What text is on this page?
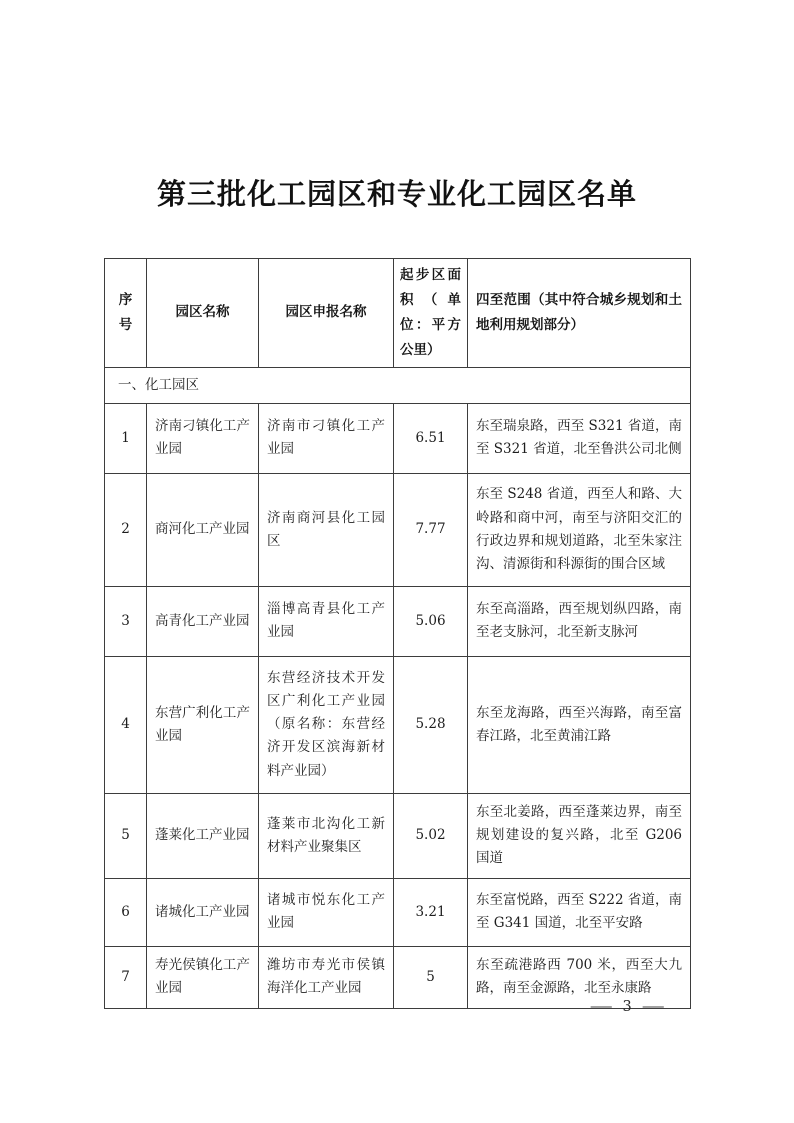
第三批化工园区和专业化工园区名单
序号	园区名称	园区申报名称	起步区面积（单位：平方公里）	四至范围（其中符合城乡规划和土地利用规划部分）
一、化工园区				
1	济南刁镇化工产业园	济南市刁镇化工产业园	6.51	东至瑞泉路，西至 S321 省道，南至 S321 省道，北至鲁洪公司北侧
2	商河化工产业园	济南商河县化工园区	7.77	东至 S248 省道，西至人和路、大岭路和商中河，南至与济阳交汇的行政边界和规划道路，北至朱家注沟、清源街和科源街的围合区域
3	高青化工产业园	淄博高青县化工产业园	5.06	东至高淄路，西至规划纵四路，南至老支脉河，北至新支脉河
4	东营广利化工产业园	东营经济技术开发区广利化工产业园（原名称：东营经济开发区滨海新材料产业园）	5.28	东至龙海路，西至兴海路，南至富春江路，北至黄浦江路
5	蓬莱化工产业园	蓬莱市北沟化工新材料产业聚集区	5.02	东至北姜路，西至蓬莱边界，南至规划建设的复兴路，北至 G206 国道
6	诸城化工产业园	诸城市悦东化工产业园	3.21	东至富悦路，西至 S222 省道，南至 G341 国道，北至平安路
7	寿光侯镇化工产业园	潍坊市寿光市侯镇海洋化工产业园	5	东至疏港路西 700 米，西至大九路，南至金源路，北至永康路
— 3 —
